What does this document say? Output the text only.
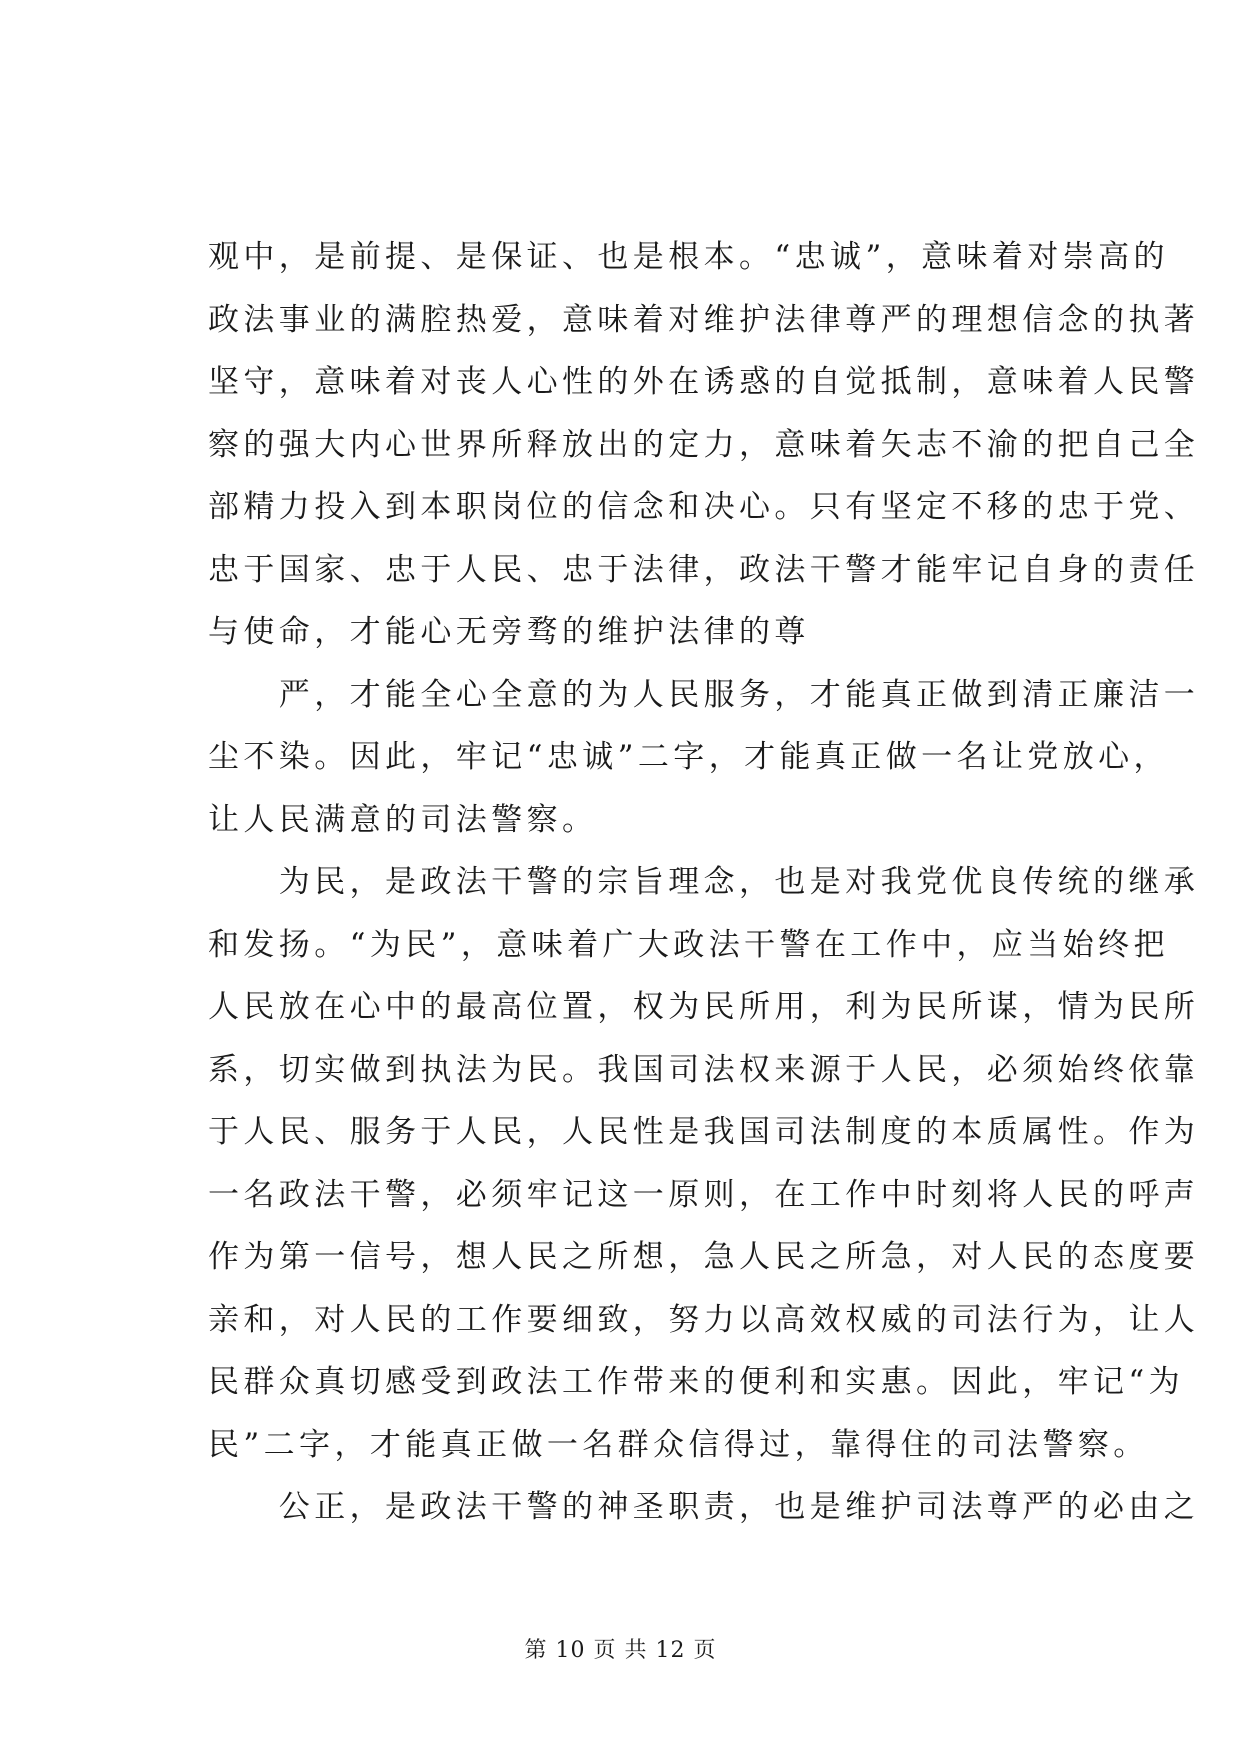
观中，是前提、是保证、也是根本。“忠诚”，意味着对崇高的
政法事业的满腔热爱，意味着对维护法律尊严的理想信念的执著
坚守，意味着对丧人心性的外在诱惑的自觉抵制，意味着人民警
察的强大内心世界所释放出的定力，意味着矢志不渝的把自己全
部精力投入到本职岗位的信念和决心。只有坚定不移的忠于党、
忠于国家、忠于人民、忠于法律，政法干警才能牢记自身的责任
与使命，才能心无旁骛的维护法律的尊
　　严，才能全心全意的为人民服务，才能真正做到清正廉洁一
尘不染。因此，牢记“忠诚”二字，才能真正做一名让党放心，
让人民满意的司法警察。
　　为民，是政法干警的宗旨理念，也是对我党优良传统的继承
和发扬。“为民”，意味着广大政法干警在工作中，应当始终把
人民放在心中的最高位置，权为民所用，利为民所谋，情为民所
系，切实做到执法为民。我国司法权来源于人民，必须始终依靠
于人民、服务于人民，人民性是我国司法制度的本质属性。作为
一名政法干警，必须牢记这一原则，在工作中时刻将人民的呼声
作为第一信号，想人民之所想，急人民之所急，对人民的态度要
亲和，对人民的工作要细致，努力以高效权威的司法行为，让人
民群众真切感受到政法工作带来的便利和实惠。因此，牢记“为
民”二字，才能真正做一名群众信得过，靠得住的司法警察。
　　公正，是政法干警的神圣职责，也是维护司法尊严的必由之
第 10 页 共 12 页
